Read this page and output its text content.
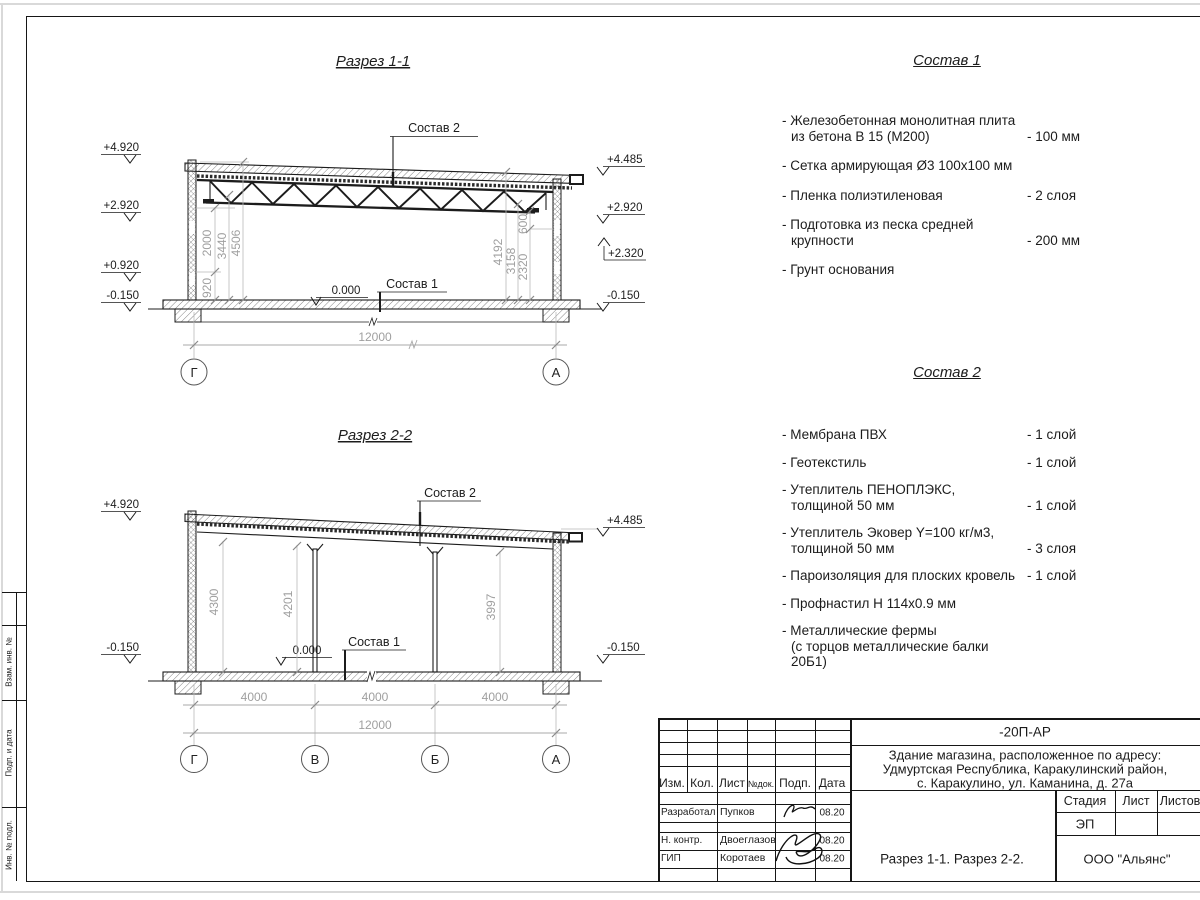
Взам. инв. №
Подп. и дата
Инв. № подл.
Разрез 1-1
Состав 2
Состав 1
0.000
+4.920
+2.920
+0.920
-0.150
+4.485
+2.920
+2.320
-0.150
920
2000 3440 4506	4192 3158
2320
600
12000
Г	А
Разрез 2-2
Состав 2
Состав 1
0.000
+4.920
-0.150
+4.485
-0.150
4300	4201	3997
4000	4000	4000
12000
Г	В	Б	А
Состав 1
- Железобетонная монолитная плита
из бетона В 15 (М200)	- 100 мм
- Сетка армирующая Ø3 100х100 мм
- Пленка полиэтиленовая	- 2 слоя
- Подготовка из песка средней
крупности	- 200 мм
- Грунт основания
Состав 2
- Мембрана ПВХ	- 1 слой
- Геотекстиль	- 1 слой
- Утеплитель ПЕНОПЛЭКС,
толщиной 50 мм	- 1 слой
- Утеплитель Эковер Y=100 кг/м3,
толщиной 50 мм	- 3 слоя
- Пароизоляция для плоских кровель - 1 слой
- Профнастил Н 114х0.9 мм
- Металлические фермы
(с торцов металлические балки 20Б1)
-20П-АР
Здание магазина, расположенное по адресу:
Удмуртская Республика, Каракулинский район,
с. Каракулино, ул. Каманина, д. 27а
Изм. Кол. Лист №док. Подп. Дата
Разработал Пупков	08.20
Н. контр. Двоеглазов	08.20
ГИП	Коротаев	08.20
Стадия Лист Листов
ЭП
Разрез 1-1. Разрез 2-2.	ООО "Альянс"
